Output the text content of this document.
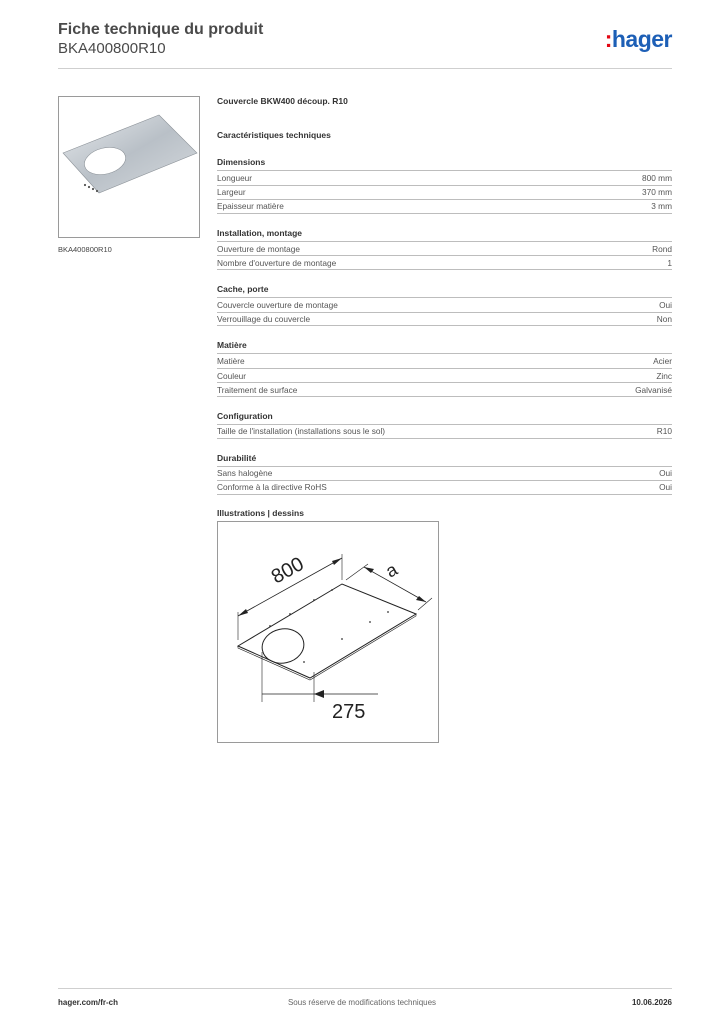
Fiche technique du produit
BKA400800R10	:hager
BKA400800R10
Couvercle BKW400 découp. R10
Caractéristiques techniques
Dimensions
Longueur	800 mm
Largeur	370 mm
Epaisseur matière	3 mm
Installation, montage
Ouverture de montage	Rond
Nombre d'ouverture de montage	1
Cache, porte
Couvercle ouverture de montage	Oui
Verrouillage du couvercle	Non
Matière
Matière	Acier
Couleur	Zinc
Traitement de surface	Galvanisé
Configuration
Taille de l'installation (installations sous le sol)	R10
Durabilité
Sans halogène	Oui
Conforme à la directive RoHS	Oui
Illustrations | dessins
800	a
275
hager.com/fr-ch	Sous réserve de modifications techniques	10.06.2026
